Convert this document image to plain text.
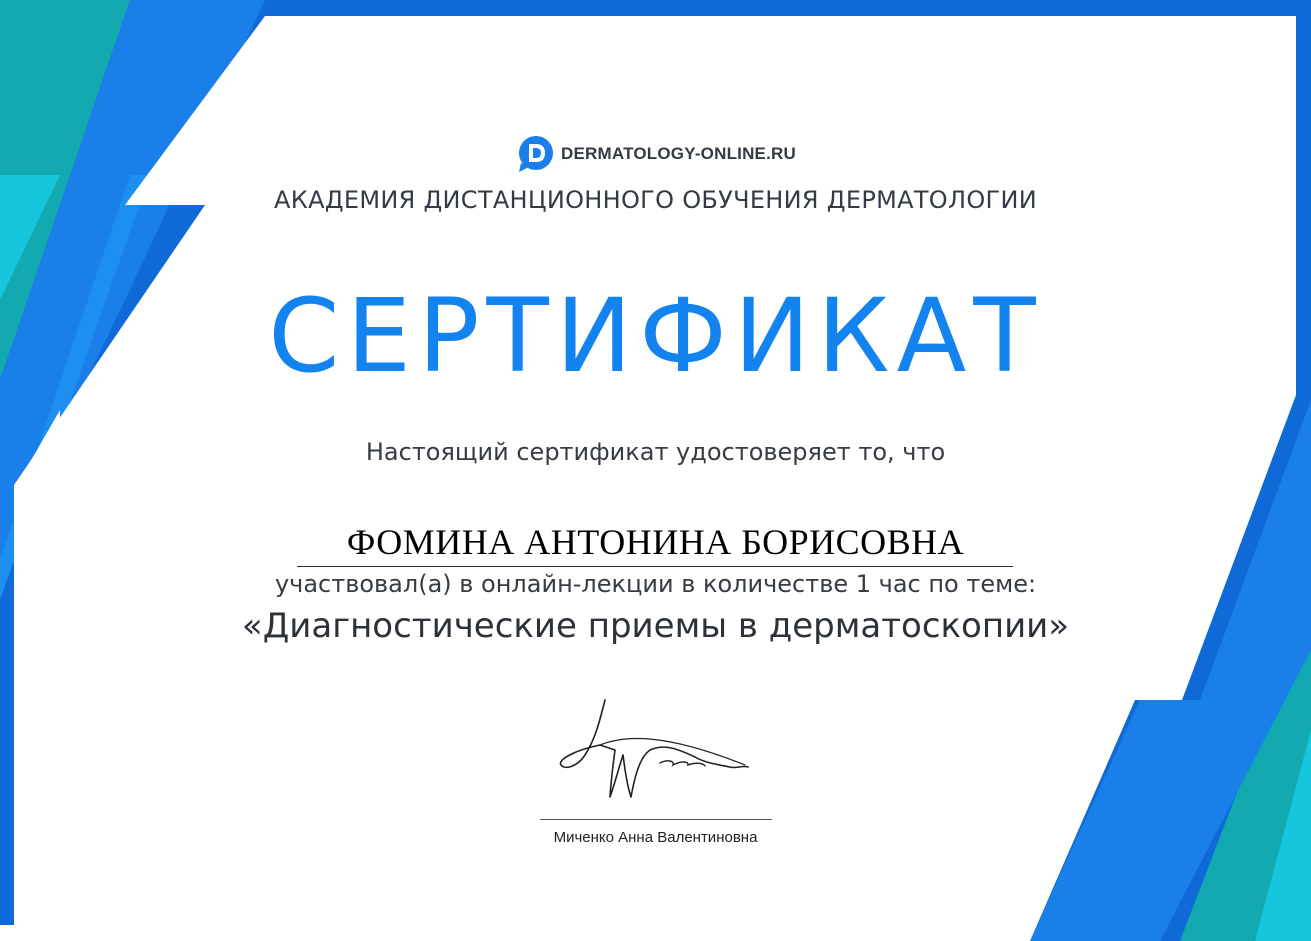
DERMATOLOGY-ONLINE.RU
АКАДЕМИЯ ДИСТАНЦИОННОГО ОБУЧЕНИЯ ДЕРМАТОЛОГИИ
СЕРТИФИКАТ
Настоящий сертификат удостоверяет то, что
ФОМИНА АНТОНИНА БОРИСОВНА
участвовал(а) в онлайн-лекции в количестве 1 час по теме:
«Диагностические приемы в дерматоскопии»
Миченко Анна Валентиновна
